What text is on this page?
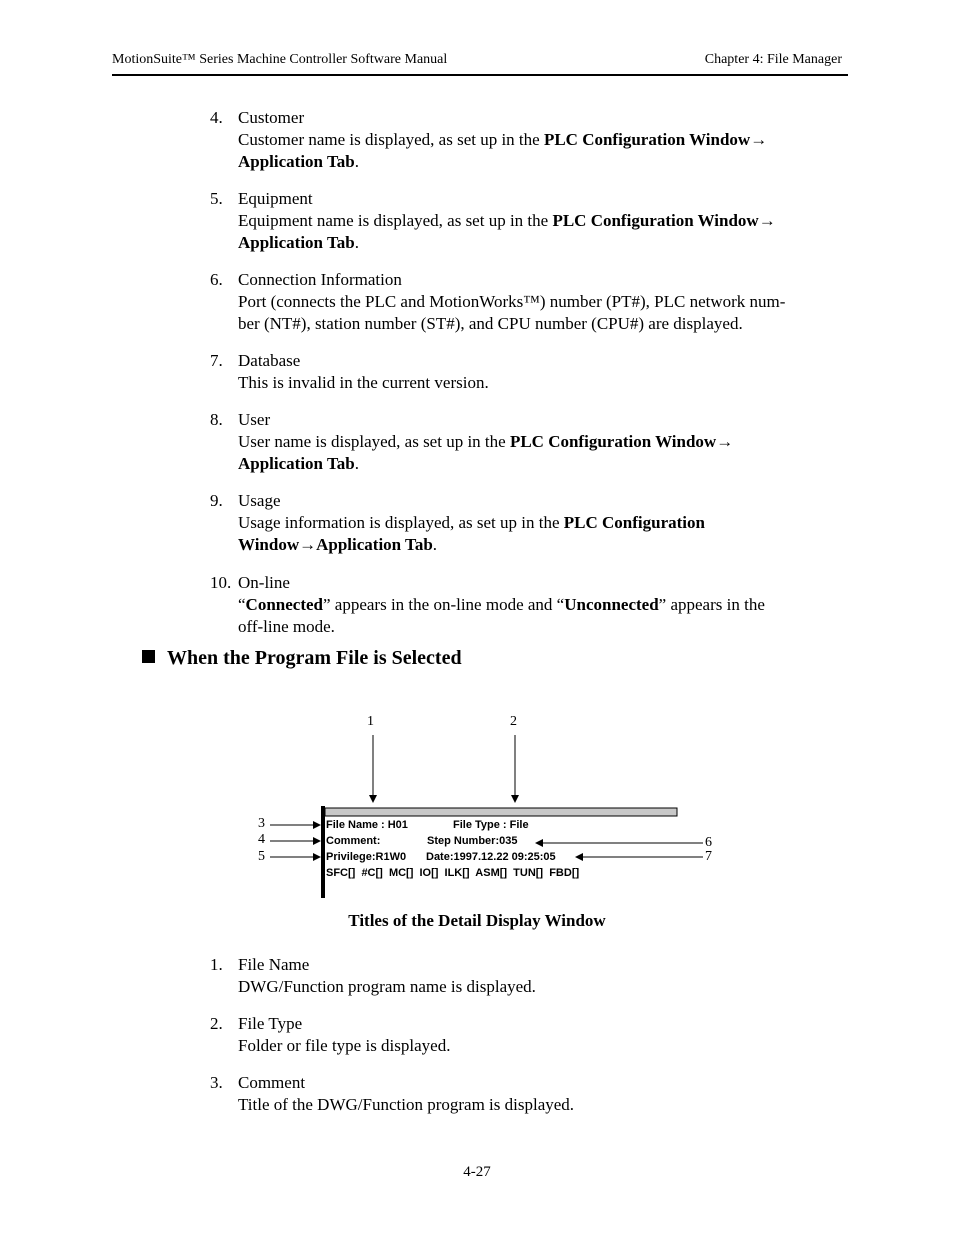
MotionSuite™ Series Machine Controller Software Manual	Chapter 4: File Manager
4. Customer
Customer name is displayed, as set up in the PLC Configuration Window→
Application Tab.
5. Equipment
Equipment name is displayed, as set up in the PLC Configuration Window→
Application Tab.
6. Connection Information
Port (connects the PLC and MotionWorks™) number (PT#), PLC network num-
ber (NT#), station number (ST#), and CPU number (CPU#) are displayed.
7. Database
This is invalid in the current version.
8. User
User name is displayed, as set up in the PLC Configuration Window→
Application Tab.
9. Usage
Usage information is displayed, as set up in the PLC Configuration
Window→Application Tab.
10. On-line
“Connected” appears in the on-line mode and “Unconnected” appears in the
off-line mode.
When the Program File is Selected
1	2
3
4
5
6
7
File Name : H01	File Type : File
Comment:	Step Number:035
Privilege:R1W0 Date:1997.12.22 09:25:05
SFC[]  #C[]  MC[]  IO[]  ILK[]  ASM[]  TUN[]  FBD[]
Titles of the Detail Display Window
1. File Name
DWG/Function program name is displayed.
2. File Type
Folder or file type is displayed.
3. Comment
Title of the DWG/Function program is displayed.
4-27
